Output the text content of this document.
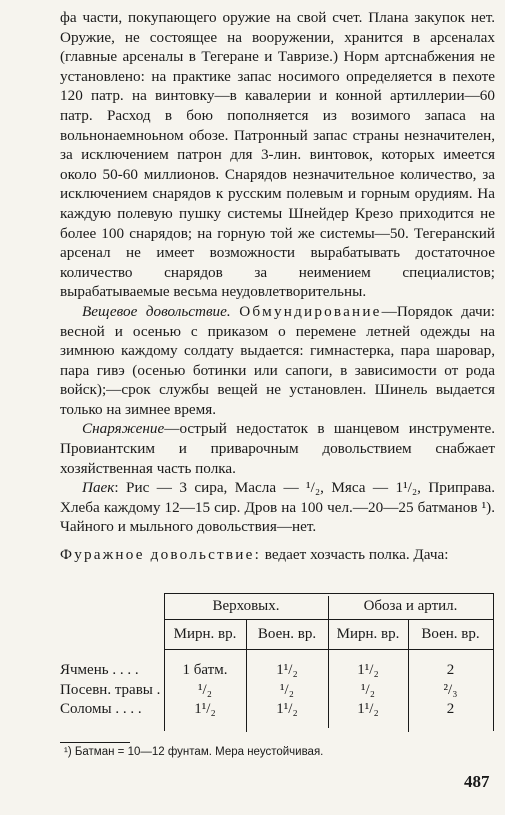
фа части, покупающего оружие на свой счет. Плана закупок нет. Оружие, не состоящее на вооружении, хранится в арсеналах (главные арсеналы в Тегеране и Тавризе.) Норм артснабжения не установлено: на практике запас носимого определяется в пехоте 120 патр. на винтовку—в кавалерии и конной артиллерии—60 патр. Расход в бою пополняется из возимого запаса на вольнонаемноьном обозе. Патронный запас страны незначителен, за исключением патрон для 3-лин. винтовок, которых имеется около 50-60 миллионов. Снарядов незначительное количество, за исключением снарядов к русским полевым и горным орудиям. На каждую полевую пушку системы Шнейдер Крезо приходится не более 100 снарядов; на горную той же системы—50. Тегеранский арсенал не имеет возможности вырабатывать достаточное количество снарядов за неимением специалистов; вырабатываемые весьма неудовлетворительны.

Вещевое довольствие. Обмундирование—Порядок дачи: весной и осенью с приказом о перемене летней одежды на зимнюю каждому солдату выдается: гимнастерка, пара шаровар, пара гивэ (осенью ботинки или сапоги, в зависимости от рода войск);—срок службы вещей не установлен. Шинель выдается только на зимнее время.

Снаряжение—острый недостаток в шанцевом инструменте. Провиантским и приварочным довольствием снабжает хозяйственная часть полка.

Паек: Рис — 3 сира, Масла — ¹/₂, Мяса — 1¹/₂, Приправа. Хлеба каждому 12—15 сир. Дров на 100 чел.—20—25 батманов ¹). Чайного и мыльного довольствия—нет.

Фуражное довольствие: ведает хозчасть полка. Дача:

Верховых.	Обоза и артил.
Мирн. вр.	Воен. вр.	Мирн. вр.	Воен. вр.
Ячмень . . . .	1 батм.	1¹/₂	1¹/₂	2
Посевн. травы .	¹/₂	¹/₂	¹/₂	²/₃
Соломы . . . .	1¹/₂	1¹/₂	1¹/₂	2
¹) Батман = 10—12 фунтам. Мера неустойчивая.
487
